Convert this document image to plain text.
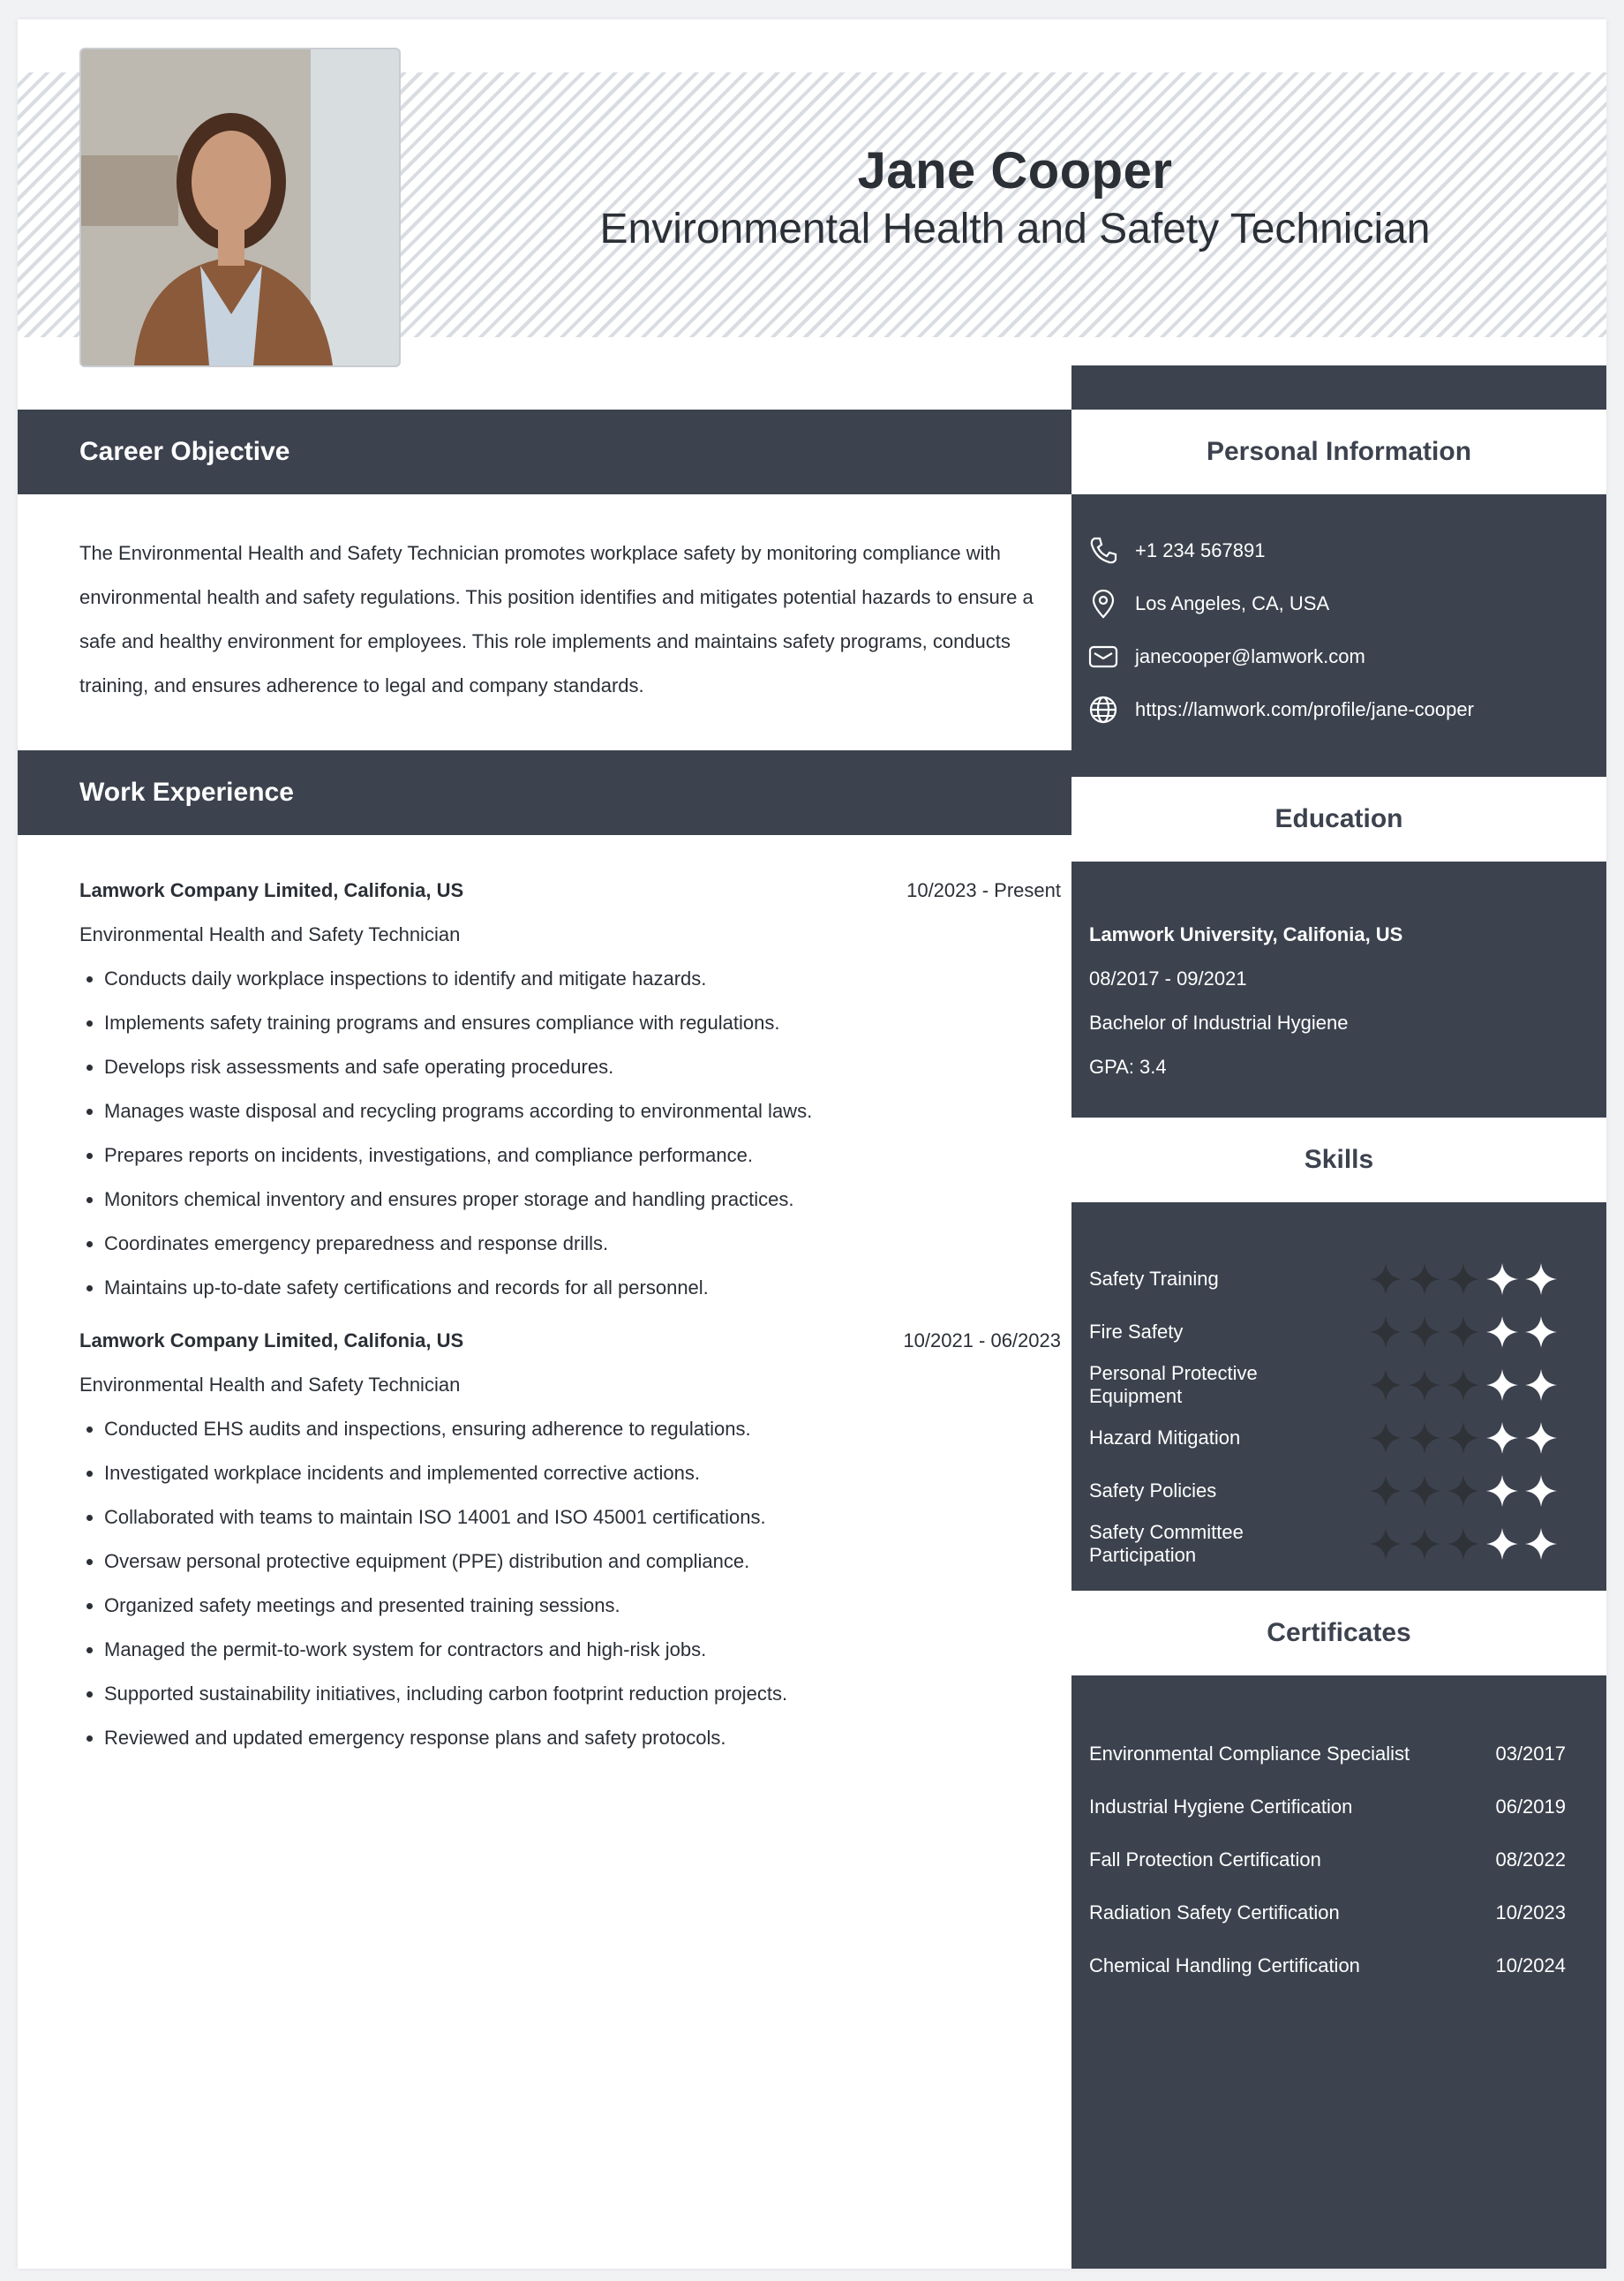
Jane Cooper
Environmental Health and Safety Technician
Career Objective
The Environmental Health and Safety Technician promotes workplace safety by monitoring compliance with environmental health and safety regulations. This position identifies and mitigates potential hazards to ensure a safe and healthy environment for employees. This role implements and maintains safety programs, conducts training, and ensures adherence to legal and company standards.
Work Experience
Lamwork Company Limited, Califonia, US	10/2023 - Present
Environmental Health and Safety Technician
• Conducts daily workplace inspections to identify and mitigate hazards.
• Implements safety training programs and ensures compliance with regulations.
• Develops risk assessments and safe operating procedures.
• Manages waste disposal and recycling programs according to environmental laws.
• Prepares reports on incidents, investigations, and compliance performance.
• Monitors chemical inventory and ensures proper storage and handling practices.
• Coordinates emergency preparedness and response drills.
• Maintains up-to-date safety certifications and records for all personnel.
Lamwork Company Limited, Califonia, US	10/2021 - 06/2023
Environmental Health and Safety Technician
• Conducted EHS audits and inspections, ensuring adherence to regulations.
• Investigated workplace incidents and implemented corrective actions.
• Collaborated with teams to maintain ISO 14001 and ISO 45001 certifications.
• Oversaw personal protective equipment (PPE) distribution and compliance.
• Organized safety meetings and presented training sessions.
• Managed the permit-to-work system for contractors and high-risk jobs.
• Supported sustainability initiatives, including carbon footprint reduction projects.
• Reviewed and updated emergency response plans and safety protocols.
Personal Information
+1 234 567891
Los Angeles, CA, USA
janecooper@lamwork.com
https://lamwork.com/profile/jane-cooper
Education
Lamwork University, Califonia, US
08/2017 - 09/2021
Bachelor of Industrial Hygiene
GPA: 3.4
Skills
Safety Training
Fire Safety
Personal Protective Equipment
Hazard Mitigation
Safety Policies
Safety Committee Participation
Certificates
Environmental Compliance Specialist	03/2017
Industrial Hygiene Certification	06/2019
Fall Protection Certification	08/2022
Radiation Safety Certification	10/2023
Chemical Handling Certification	10/2024
